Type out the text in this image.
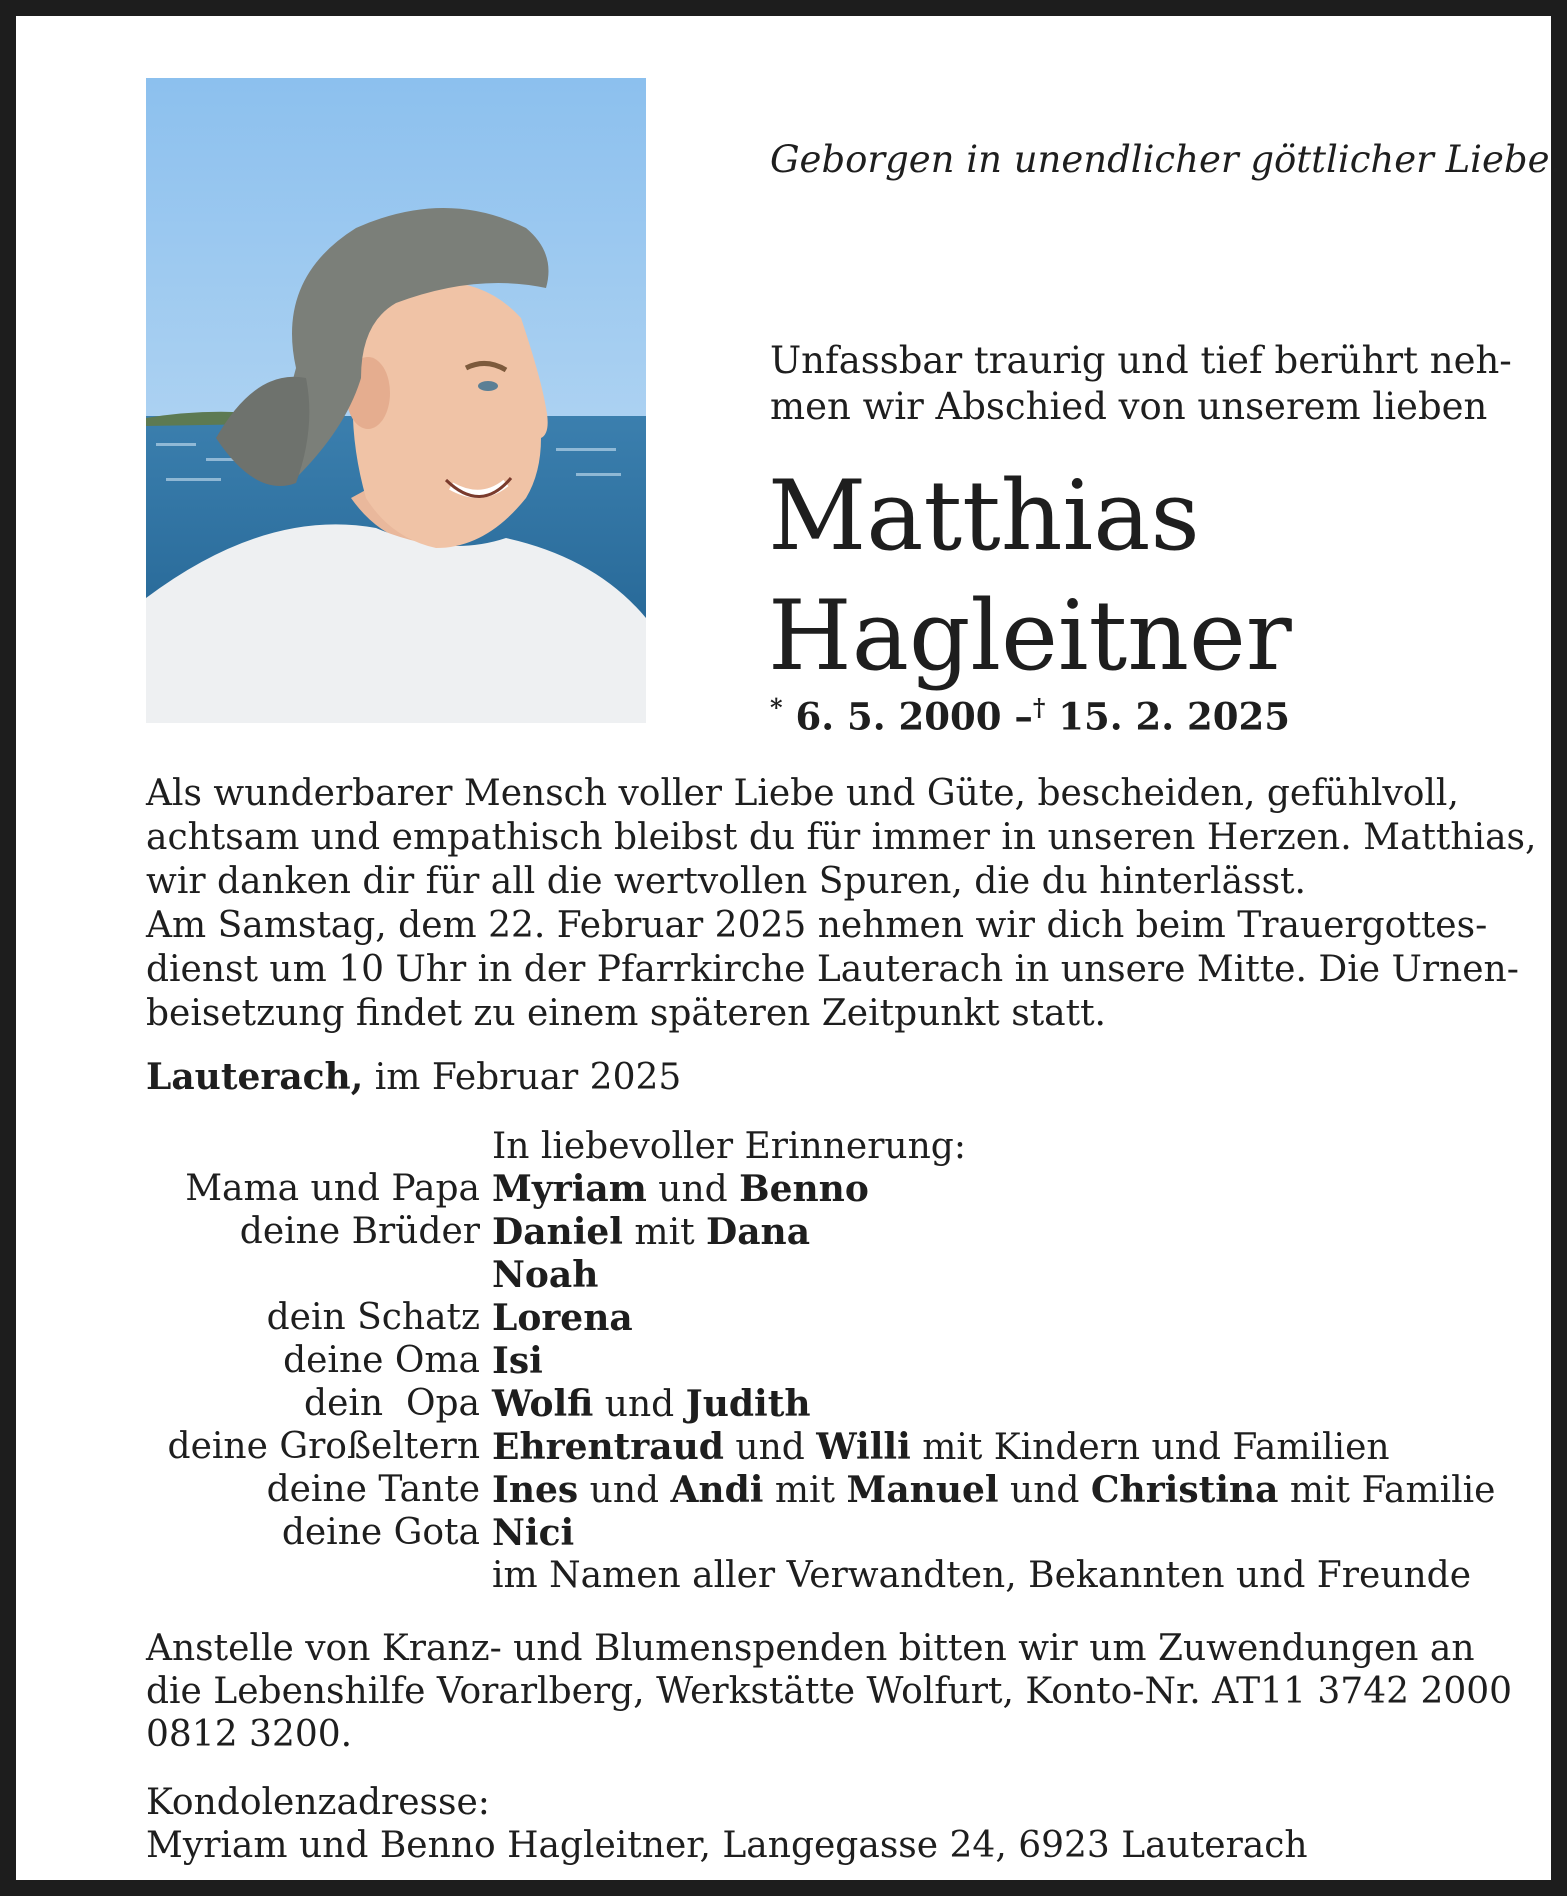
Geborgen in unendlicher göttlicher Liebe.
Unfassbar traurig und tief berührt neh-
men wir Abschied von unserem lieben
Matthias
Hagleitner
* 6. 5. 2000 –† 15. 2. 2025
Als wunderbarer Mensch voller Liebe und Güte, bescheiden, gefühlvoll,
achtsam und empathisch bleibst du für immer in unseren Herzen. Matthias,
wir danken dir für all die wertvollen Spuren, die du hinterlässt.
Am Samstag, dem 22. Februar 2025 nehmen wir dich beim Trauergottes-
dienst um 10 Uhr in der Pfarrkirche Lauterach in unsere Mitte. Die Urnen-
beisetzung findet zu einem späteren Zeitpunkt statt.
Lauterach, im Februar 2025
In liebevoller Erinnerung:
Mama und Papa Myriam und Benno
deine Brüder Daniel mit Dana
Noah
dein Schatz Lorena
deine Oma Isi
dein  Opa Wolfi und Judith
deine Großeltern Ehrentraud und Willi mit Kindern und Familien
deine Tante Ines und Andi mit Manuel und Christina mit Familie
deine Gota Nici
im Namen aller Verwandten, Bekannten und Freunde
Anstelle von Kranz- und Blumenspenden bitten wir um Zuwendungen an
die Lebenshilfe Vorarlberg, Werkstätte Wolfurt, Konto-Nr. AT11 3742 2000
0812 3200.
Kondolenzadresse:
Myriam und Benno Hagleitner, Langegasse 24, 6923 Lauterach
